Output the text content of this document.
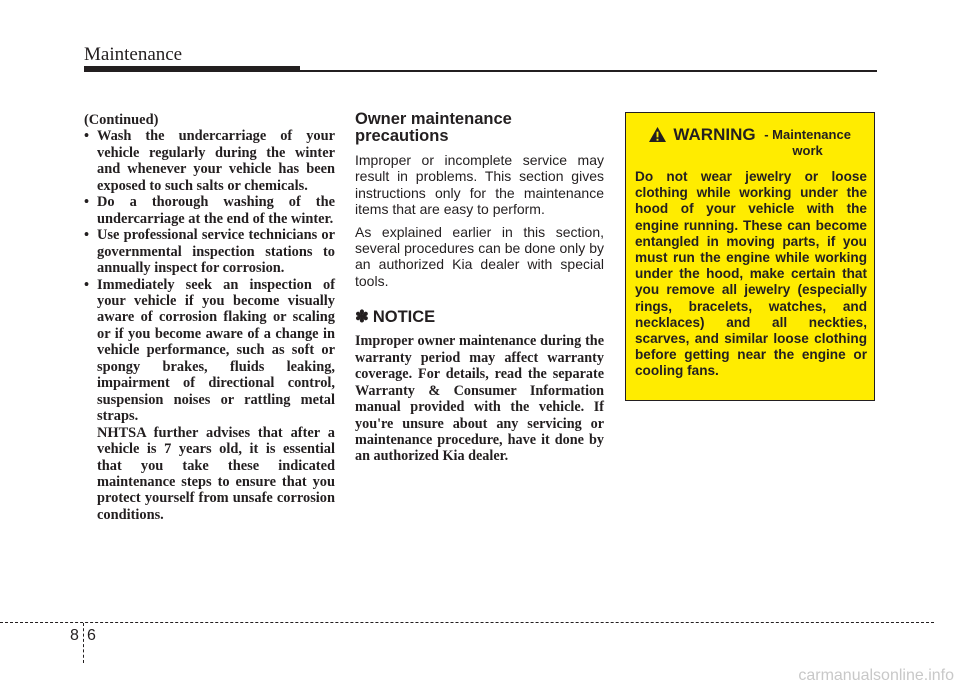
Maintenance

(Continued)

• Wash the undercarriage of your vehicle regularly during the winter and whenever your vehicle has been exposed to such salts or chemicals.
• Do a thorough washing of the undercarriage at the end of the winter.
• Use professional service technicians or governmental inspection stations to annually inspect for corrosion.
• Immediately seek an inspection of your vehicle if you become visually aware of corrosion flaking or scaling or if you become aware of a change in vehicle performance, such as soft or spongy brakes, fluids leaking, impairment of directional control, suspension noises or rattling metal straps.

NHTSA further advises that after a vehicle is 7 years old, it is essential that you take these indicated maintenance steps to ensure that you protect yourself from unsafe corrosion conditions.

Owner maintenance precautions

Improper or incomplete service may result in problems. This section gives instructions only for the maintenance items that are easy to perform.

As explained earlier in this section, several procedures can be done only by an authorized Kia dealer with special tools.

✽ NOTICE

Improper owner maintenance during the warranty period may affect warranty coverage. For details, read the separate Warranty & Consumer Information manual provided with the vehicle. If you're unsure about any servicing or maintenance procedure, have it done by an authorized Kia dealer.

WARNING - Maintenance work

Do not wear jewelry or loose clothing while working under the hood of your vehicle with the engine running. These can become entangled in moving parts, if you must run the engine while working under the hood, make certain that you remove all jewelry (especially rings, bracelets, watches, and necklaces) and all neckties, scarves, and similar loose clothing before getting near the engine or cooling fans.

8 6
carmanualsonline.info
